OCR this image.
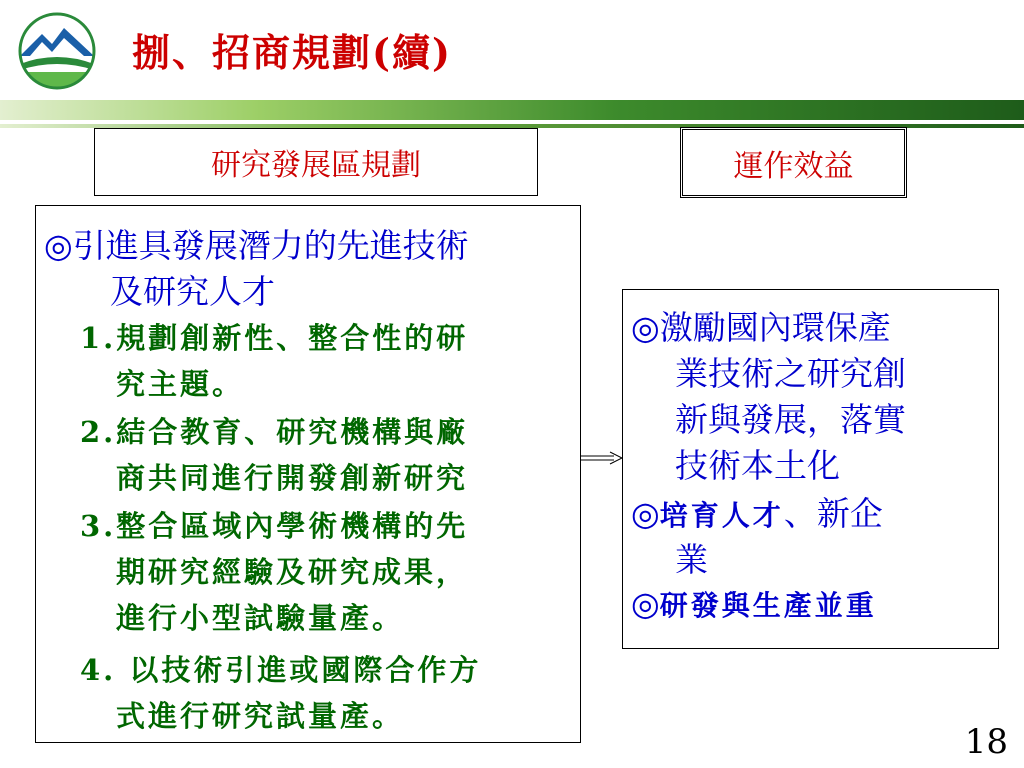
捌、招商規劃(續)
研究發展區規劃	運作效益
◎引進具發展潛力的先進技術
及研究人才
1.規劃創新性、整合性的研
究主題。
2.結合教育、研究機構與廠
商共同進行開發創新研究
3.整合區域內學術機構的先
期研究經驗及研究成果，
進行小型試驗量產。
4. 以技術引進或國際合作方
式進行研究試量產。
◎激勵國內環保產
業技術之研究創
新與發展，落實
技術本土化
◎培育人才、新企
業
◎研發與生產並重
18
